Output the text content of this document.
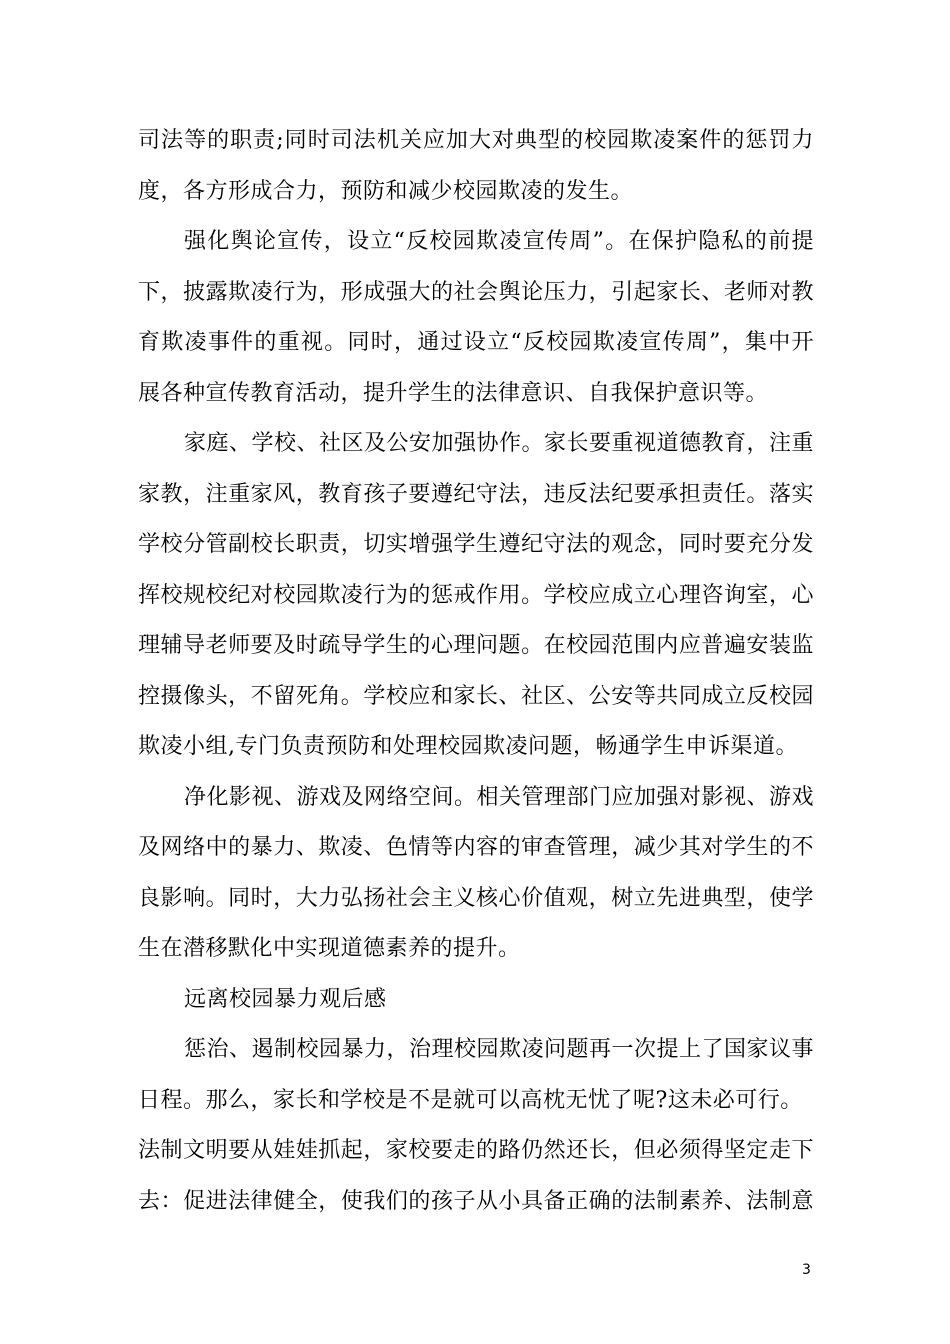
司法等的职责;同时司法机关应加大对典型的校园欺凌案件的惩罚力
度，各方形成合力，预防和减少校园欺凌的发生。
强化舆论宣传，设立“反校园欺凌宣传周”。在保护隐私的前提
下，披露欺凌行为，形成强大的社会舆论压力，引起家长、老师对教
育欺凌事件的重视。同时，通过设立“反校园欺凌宣传周”，集中开
展各种宣传教育活动，提升学生的法律意识、自我保护意识等。
家庭、学校、社区及公安加强协作。家长要重视道德教育，注重
家教，注重家风，教育孩子要遵纪守法，违反法纪要承担责任。落实
学校分管副校长职责，切实增强学生遵纪守法的观念，同时要充分发
挥校规校纪对校园欺凌行为的惩戒作用。学校应成立心理咨询室，心
理辅导老师要及时疏导学生的心理问题。在校园范围内应普遍安装监
控摄像头，不留死角。学校应和家长、社区、公安等共同成立反校园
欺凌小组,专门负责预防和处理校园欺凌问题，畅通学生申诉渠道。
净化影视、游戏及网络空间。相关管理部门应加强对影视、游戏
及网络中的暴力、欺凌、色情等内容的审查管理，减少其对学生的不
良影响。同时，大力弘扬社会主义核心价值观，树立先进典型，使学
生在潜移默化中实现道德素养的提升。
远离校园暴力观后感
惩治、遏制校园暴力，治理校园欺凌问题再一次提上了国家议事
日程。那么，家长和学校是不是就可以高枕无忧了呢?这未必可行。
法制文明要从娃娃抓起，家校要走的路仍然还长，但必须得坚定走下
去：促进法律健全，使我们的孩子从小具备正确的法制素养、法制意
3
